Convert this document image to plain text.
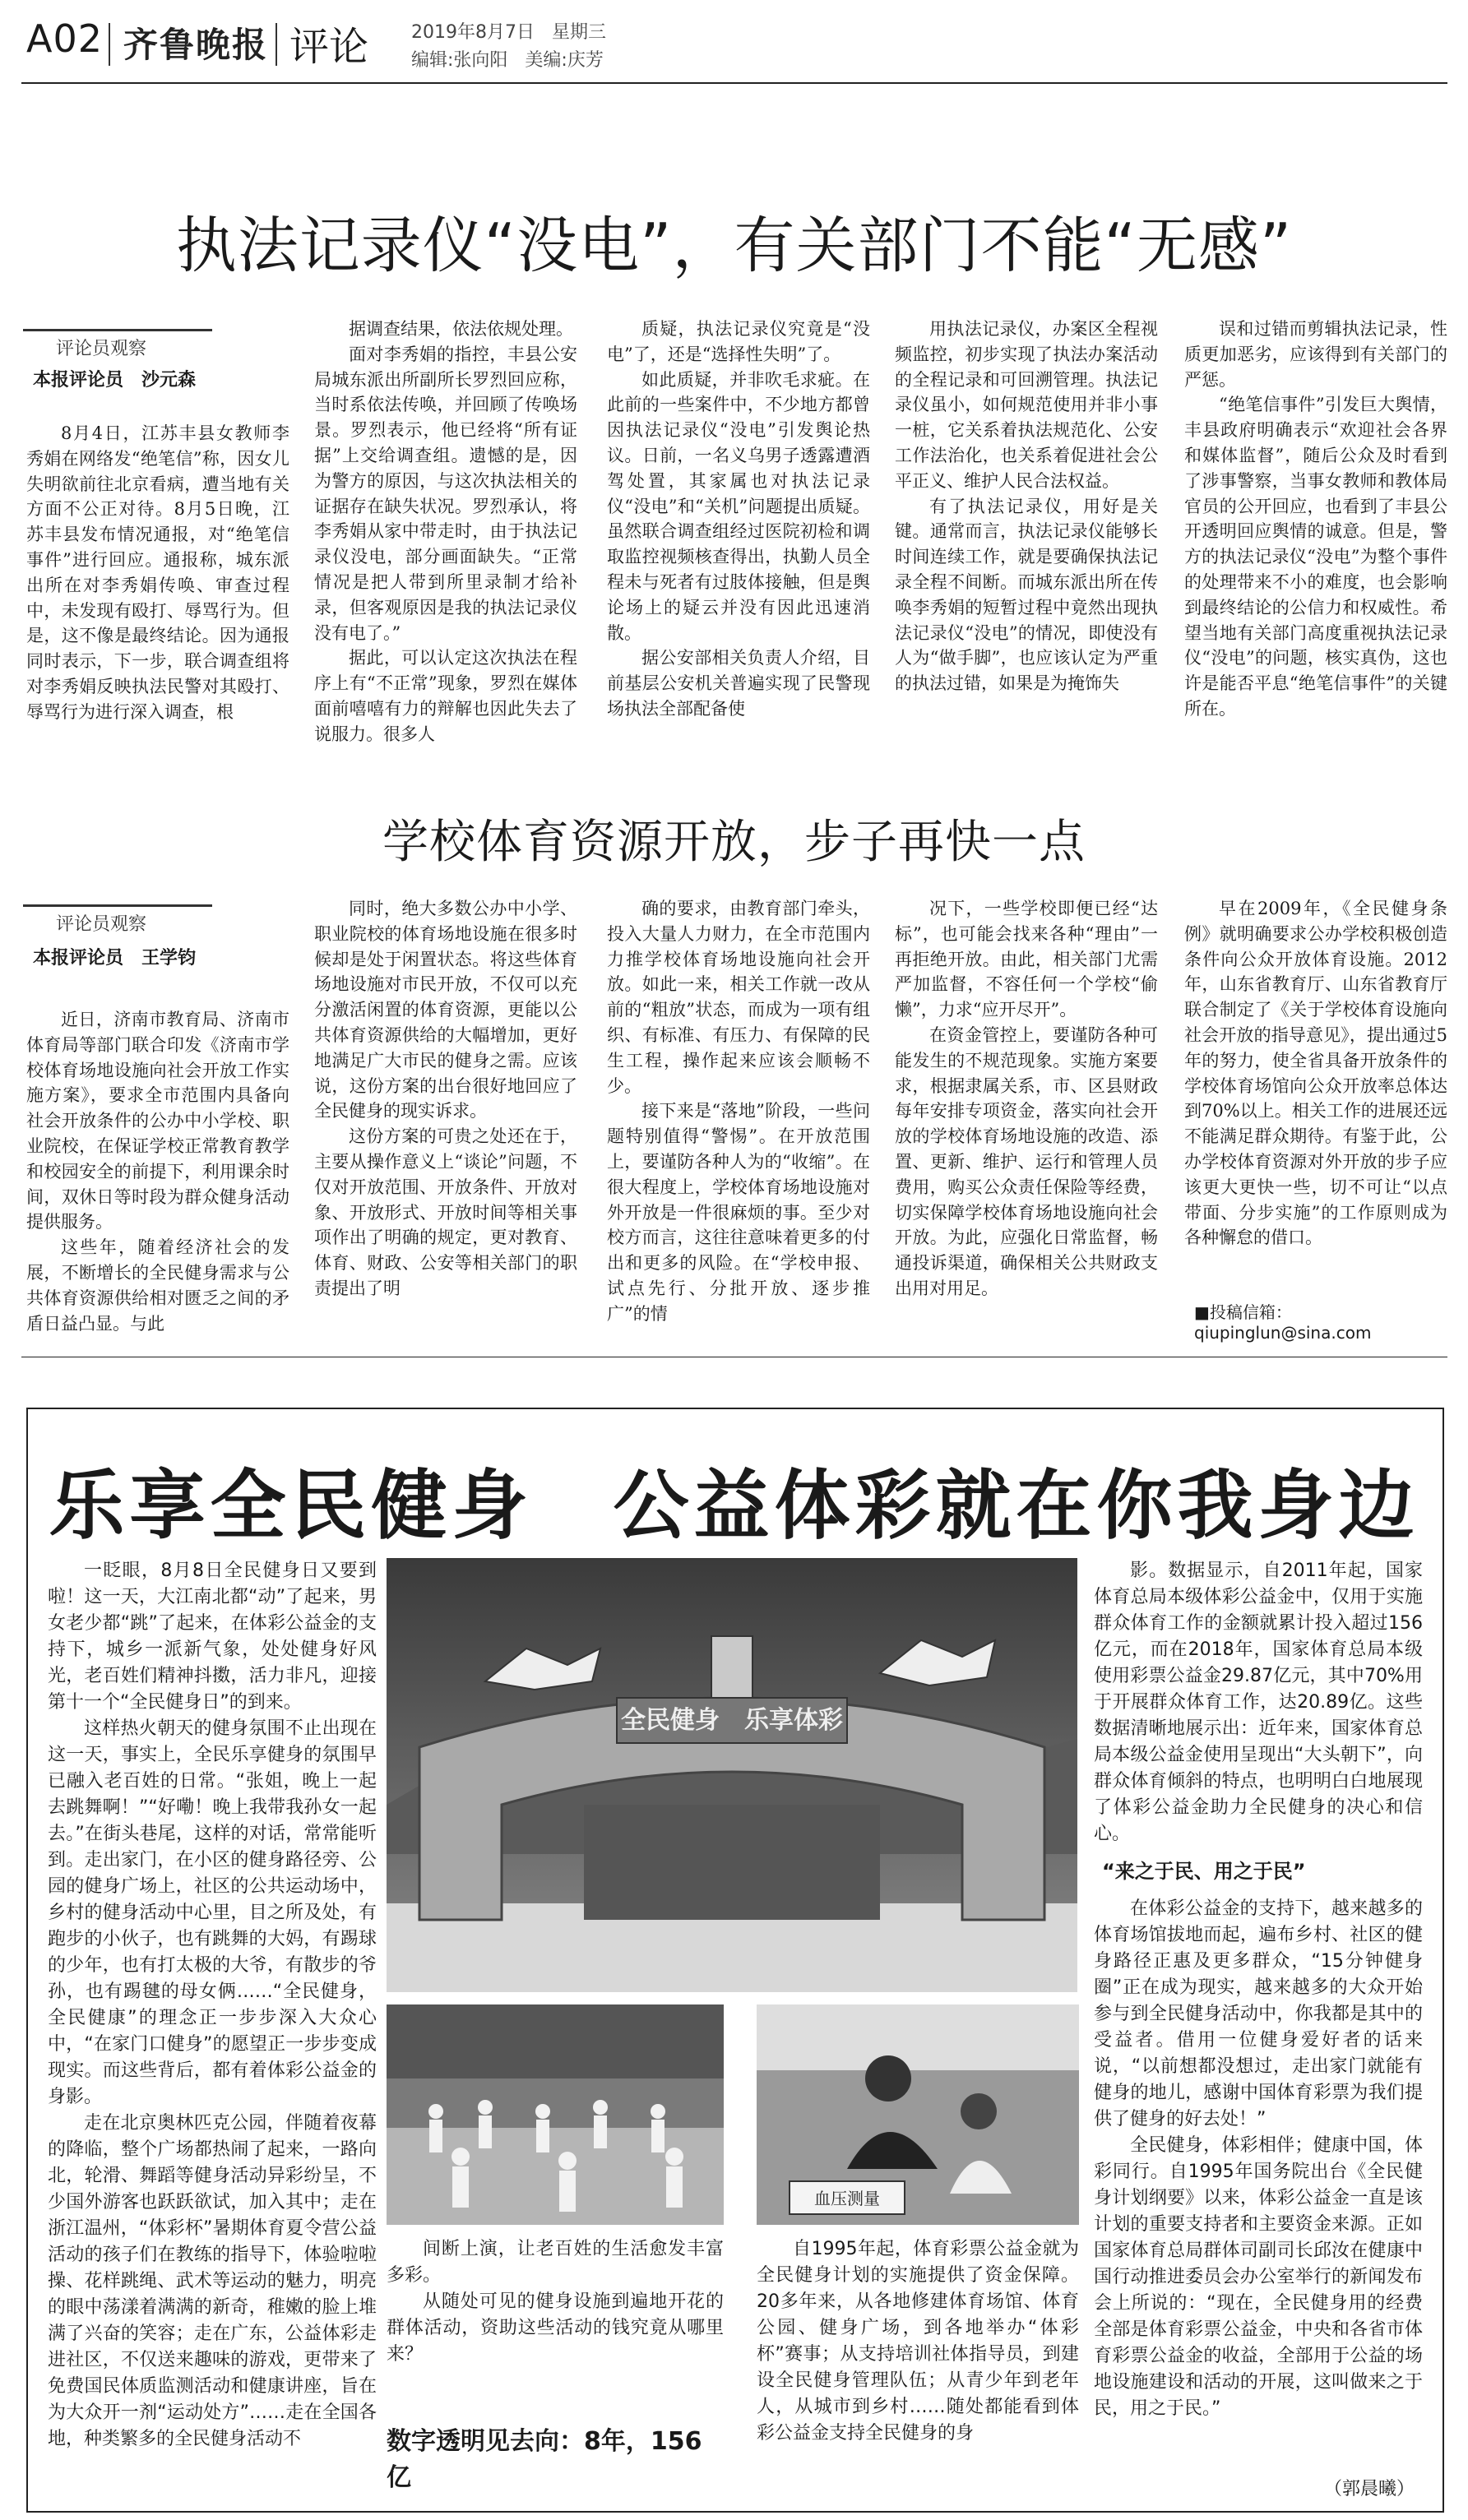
A02 齐鲁晚报 评论 2019年8月7日 星期三
编辑:张向阳 美编:庆芳
执法记录仪“没电”，有关部门不能“无感”
评论员观察
本报评论员　沙元森

8月4日，江苏丰县女教师李秀娟在网络发“绝笔信”称，因女儿失明欲前往北京看病，遭当地有关方面不公正对待。8月5日晚，江苏丰县发布情况通报，对“绝笔信事件”进行回应。通报称，城东派出所在对李秀娟传唤、审查过程中，未发现有殴打、辱骂行为。但是，这不像是最终结论。因为通报同时表示，下一步，联合调查组将对李秀娟反映执法民警对其殴打、辱骂行为进行深入调查，根

据调查结果，依法依规处理。

面对李秀娟的指控，丰县公安局城东派出所副所长罗烈回应称，当时系依法传唤，并回顾了传唤场景。罗烈表示，他已经将“所有证据”上交给调查组。遗憾的是，因为警方的原因，与这次执法相关的证据存在缺失状况。罗烈承认，将李秀娟从家中带走时，由于执法记录仪没电，部分画面缺失。“正常情况是把人带到所里录制才给补录，但客观原因是我的执法记录仪没有电了。”

据此，可以认定这次执法在程序上有“不正常”现象，罗烈在媒体面前嘻嘻有力的辩解也因此失去了说服力。很多人

质疑，执法记录仪究竟是“没电”了，还是“选择性失明”了。

如此质疑，并非吹毛求疵。在此前的一些案件中，不少地方都曾因执法记录仪“没电”引发舆论热议。日前，一名义乌男子透露遭酒驾处置，其家属也对执法记录仪“没电”和“关机”问题提出质疑。虽然联合调查组经过医院初检和调取监控视频核查得出，执勤人员全程未与死者有过肢体接触，但是舆论场上的疑云并没有因此迅速消散。

据公安部相关负责人介绍，目前基层公安机关普遍实现了民警现场执法全部配备使

用执法记录仪，办案区全程视频监控，初步实现了执法办案活动的全程记录和可回溯管理。执法记录仪虽小，如何规范使用并非小事一桩，它关系着执法规范化、公安工作法治化，也关系着促进社会公平正义、维护人民合法权益。

有了执法记录仪，用好是关键。通常而言，执法记录仪能够长时间连续工作，就是要确保执法记录全程不间断。而城东派出所在传唤李秀娟的短暂过程中竟然出现执法记录仪“没电”的情况，即使没有人为“做手脚”，也应该认定为严重的执法过错，如果是为掩饰失

误和过错而剪辑执法记录，性质更加恶劣，应该得到有关部门的严惩。

“绝笔信事件”引发巨大舆情，丰县政府明确表示“欢迎社会各界和媒体监督”，随后公众及时看到了涉事警察，当事女教师和教体局官员的公开回应，也看到了丰县公开透明回应舆情的诚意。但是，警方的执法记录仪“没电”为整个事件的处理带来不小的难度，也会影响到最终结论的公信力和权威性。希望当地有关部门高度重视执法记录仪“没电”的问题，核实真伪，这也许是能否平息“绝笔信事件”的关键所在。

学校体育资源开放，步子再快一点
评论员观察
本报评论员　王学钧

近日，济南市教育局、济南市体育局等部门联合印发《济南市学校体育场地设施向社会开放工作实施方案》，要求全市范围内具备向社会开放条件的公办中小学校、职业院校，在保证学校正常教育教学和校园安全的前提下，利用课余时间，双休日等时段为群众健身活动提供服务。

这些年，随着经济社会的发展，不断增长的全民健身需求与公共体育资源供给相对匮乏之间的矛盾日益凸显。与此

同时，绝大多数公办中小学、职业院校的体育场地设施在很多时候却是处于闲置状态。将这些体育场地设施对市民开放，不仅可以充分激活闲置的体育资源，更能以公共体育资源供给的大幅增加，更好地满足广大市民的健身之需。应该说，这份方案的出台很好地回应了全民健身的现实诉求。

这份方案的可贵之处还在于，主要从操作意义上“谈论”问题，不仅对开放范围、开放条件、开放对象、开放形式、开放时间等相关事项作出了明确的规定，更对教育、体育、财政、公安等相关部门的职责提出了明

确的要求，由教育部门牵头，投入大量人力财力，在全市范围内力推学校体育场地设施向社会开放。如此一来，相关工作就一改从前的“粗放”状态，而成为一项有组织、有标准、有压力、有保障的民生工程，操作起来应该会顺畅不少。

接下来是“落地”阶段，一些问题特别值得“警惕”。在开放范围上，要谨防各种人为的“收缩”。在很大程度上，学校体育场地设施对外开放是一件很麻烦的事。至少对校方而言，这往往意味着更多的付出和更多的风险。在“学校申报、试点先行、分批开放、逐步推广”的情

况下，一些学校即便已经“达标”，也可能会找来各种“理由”一再拒绝开放。由此，相关部门尤需严加监督，不容任何一个学校“偷懒”，力求“应开尽开”。

在资金管控上，要谨防各种可能发生的不规范现象。实施方案要求，根据隶属关系，市、区县财政每年安排专项资金，落实向社会开放的学校体育场地设施的改造、添置、更新、维护、运行和管理人员费用，购买公众责任保险等经费，切实保障学校体育场地设施向社会开放。为此，应强化日常监督，畅通投诉渠道，确保相关公共财政支出用对用足。

早在2009年，《全民健身条例》就明确要求公办学校积极创造条件向公众开放体育设施。2012年，山东省教育厅、山东省教育厅联合制定了《关于学校体育设施向社会开放的指导意见》，提出通过5年的努力，使全省具备开放条件的学校体育场馆向公众开放率总体达到70%以上。相关工作的进展还远不能满足群众期待。有鉴于此，公办学校体育资源对外开放的步子应该更大更快一些，切不可让“以点带面、分步实施”的工作原则成为各种懈怠的借口。

■投稿信箱：qiupinglun@sina.com
乐享全民健身　公益体彩就在你我身边

一眨眼，8月8日全民健身日又要到啦！这一天，大江南北都“动”了起来，男女老少都“跳”了起来，在体彩公益金的支持下，城乡一派新气象，处处健身好风光，老百姓们精神抖擞，活力非凡，迎接第十一个“全民健身日”的到来。

这样热火朝天的健身氛围不止出现在这一天，事实上，全民乐享健身的氛围早已融入老百姓的日常。“张姐，晚上一起去跳舞啊！”“好嘞！晚上我带我孙女一起去。”在街头巷尾，这样的对话，常常能听到。走出家门，在小区的健身路径旁、公园的健身广场上，社区的公共运动场中，乡村的健身活动中心里，目之所及处，有跑步的小伙子，也有跳舞的大妈，有踢球的少年，也有打太极的大爷，有散步的爷孙，也有踢毽的母女俩……“全民健身，全民健康”的理念正一步步深入大众心中，“在家门口健身”的愿望正一步步变成现实。而这些背后，都有着体彩公益金的身影。

走在北京奥林匹克公园，伴随着夜幕的降临，整个广场都热闹了起来，一路向北，轮滑、舞蹈等健身活动异彩纷呈，不少国外游客也跃跃欲试，加入其中；走在浙江温州，“体彩杯”暑期体育夏令营公益活动的孩子们在教练的指导下，体验啦啦操、花样跳绳、武术等运动的魅力，明亮的眼中荡漾着满满的新奇，稚嫩的脸上堆满了兴奋的笑容；走在广东，公益体彩走进社区，不仅送来趣味的游戏，更带来了免费国民体质监测活动和健康讲座，旨在为大众开一剂“运动处方”……走在全国各地，种类繁多的全民健身活动不

全民健身　乐享体彩
血压测量

间断上演，让老百姓的生活愈发丰富多彩。

从随处可见的健身设施到遍地开花的群体活动，资助这些活动的钱究竟从哪里来？

数字透明见去向：8年，156亿

自1995年起，体育彩票公益金就为全民健身计划的实施提供了资金保障。20多年来，从各地修建体育场馆、体育公园、健身广场，到各地举办“体彩杯”赛事；从支持培训社体指导员，到建设全民健身管理队伍；从青少年到老年人，从城市到乡村……随处都能看到体彩公益金支持全民健身的身

影。数据显示，自2011年起，国家体育总局本级体彩公益金中，仅用于实施群众体育工作的金额就累计投入超过156亿元，而在2018年，国家体育总局本级使用彩票公益金29.87亿元，其中70%用于开展群众体育工作，达20.89亿。这些数据清晰地展示出：近年来，国家体育总局本级公益金使用呈现出“大头朝下”，向群众体育倾斜的特点，也明明白白地展现了体彩公益金助力全民健身的决心和信心。

“来之于民、用之于民”

在体彩公益金的支持下，越来越多的体育场馆拔地而起，遍布乡村、社区的健身路径正惠及更多群众，“15分钟健身圈”正在成为现实，越来越多的大众开始参与到全民健身活动中，你我都是其中的受益者。借用一位健身爱好者的话来说，“以前想都没想过，走出家门就能有健身的地儿，感谢中国体育彩票为我们提供了健身的好去处！”

全民健身，体彩相伴；健康中国，体彩同行。自1995年国务院出台《全民健身计划纲要》以来，体彩公益金一直是该计划的重要支持者和主要资金来源。正如国家体育总局群体司副司长邱汝在健康中国行动推进委员会办公室举行的新闻发布会上所说的：“现在，全民健身用的经费全部是体育彩票公益金，中央和各省市体育彩票公益金的收益，全部用于公益的场地设施建设和活动的开展，这叫做来之于民，用之于民。”

（郭晨曦）
